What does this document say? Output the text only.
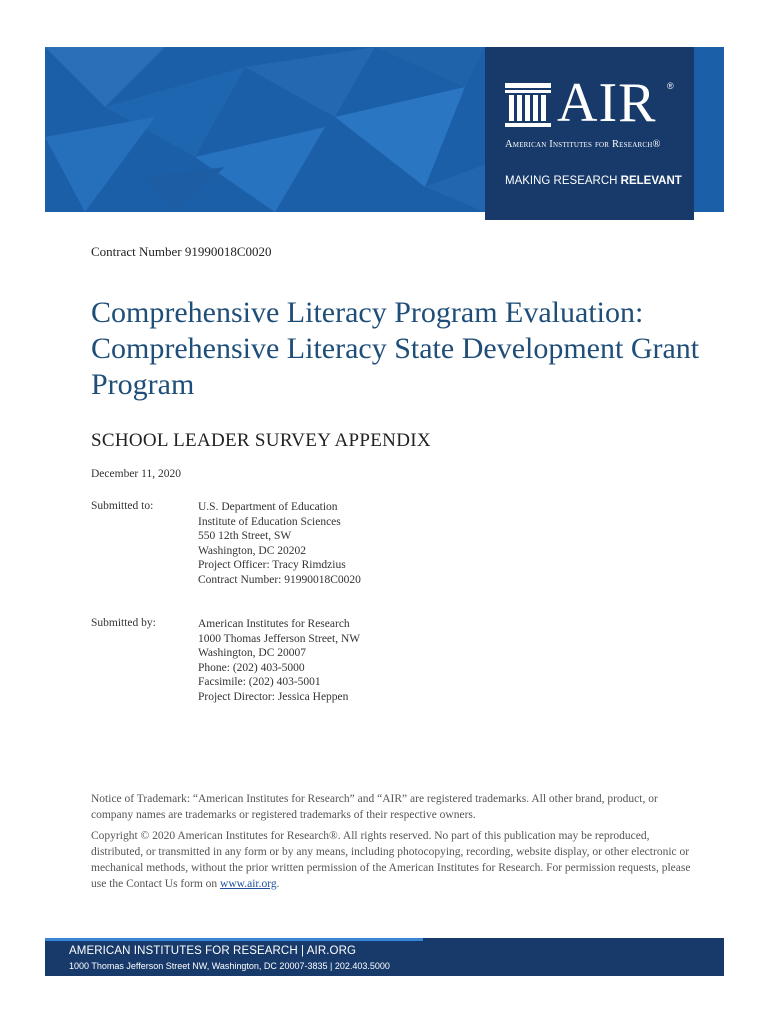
AIR ®
American Institutes for Research®
MAKING RESEARCH RELEVANT
Contract Number 91990018C0020
Comprehensive Literacy Program Evaluation: Comprehensive Literacy State Development Grant Program
SCHOOL LEADER SURVEY APPENDIX
December 11, 2020
Submitted to:	U.S. Department of Education
Institute of Education Sciences
550 12th Street, SW
Washington, DC 20202
Project Officer: Tracy Rimdzius
Contract Number: 91990018C0020
Submitted by:	American Institutes for Research
1000 Thomas Jefferson Street, NW
Washington, DC 20007
Phone: (202) 403-5000
Facsimile: (202) 403-5001
Project Director: Jessica Heppen

Notice of Trademark: “American Institutes for Research” and “AIR” are registered trademarks. All other brand, product, or company names are trademarks or registered trademarks of their respective owners.

Copyright © 2020 American Institutes for Research®. All rights reserved. No part of this publication may be reproduced, distributed, or transmitted in any form or by any means, including photocopying, recording, website display, or other electronic or mechanical methods, without the prior written permission of the American Institutes for Research. For permission requests, please use the Contact Us form on www.air.org.

AMERICAN INSTITUTES FOR RESEARCH | AIR.ORG
1000 Thomas Jefferson Street NW, Washington, DC 20007-3835 | 202.403.5000
